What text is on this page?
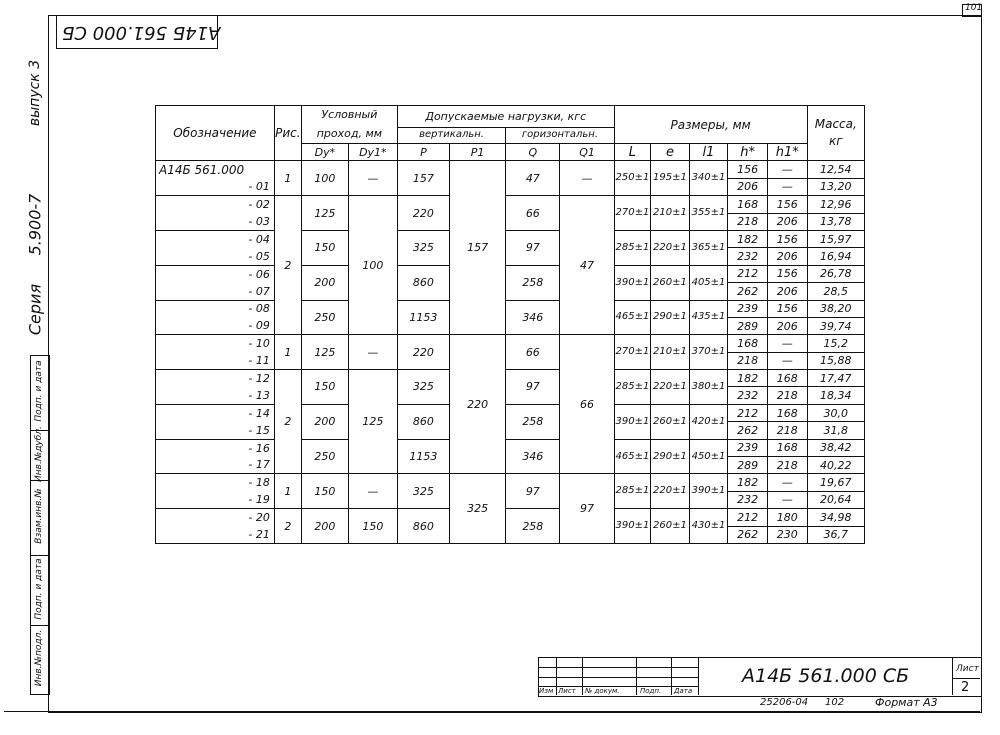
101
А14Б 561.000 СБ
выпуск 3
5.900-7
Серия
Подп. и дата
Инв.№дубл.
Взам.инв.№
Подп. и дата
Инв.№подл.
Обозначение	Рис.	Условный проход, мм		Допускаемые нагрузки, кгс				Размеры, мм					Масса, кг
				вертикальн.		горизонтальн.							
		Dу*	Dу1*	P	P1	Q	Q1	L	e	l1	h*	h1*	
А14Б 561.000	1	100	—	157	157	47	—	250±1	195±1	340±1	156	—	12,54
- 01											206	—	13,20
- 02	2	125	100	220		66	47	270±1	210±1	355±1	168	156	12,96
- 03											218	206	13,78
- 04		150		325		97		285±1	220±1	365±1	182	156	15,97
- 05											232	206	16,94
- 06		200		860		258		390±1	260±1	405±1	212	156	26,78
- 07											262	206	28,5
- 08		250		1153		346		465±1	290±1	435±1	239	156	38,20
- 09											289	206	39,74
- 10	1	125	—	220	220	66	66	270±1	210±1	370±1	168	—	15,2
- 11											218	—	15,88
- 12	2	150	125	325		97		285±1	220±1	380±1	182	168	17,47
- 13											232	218	18,34
- 14		200		860		258		390±1	260±1	420±1	212	168	30,0
- 15											262	218	31,8
- 16		250		1153		346		465±1	290±1	450±1	239	168	38,42
- 17											289	218	40,22
- 18	1	150	—	325	325	97	97	285±1	220±1	390±1	182	—	19,67
- 19											232	—	20,64
- 20	2	200	150	860		258		390±1	260±1	430±1	212	180	34,98
- 21											262	230	36,7
Изм Лист № докум.	Подп. Дата
А14Б 561.000 СБ	Лист
2
25206-04 102	Формат А3
